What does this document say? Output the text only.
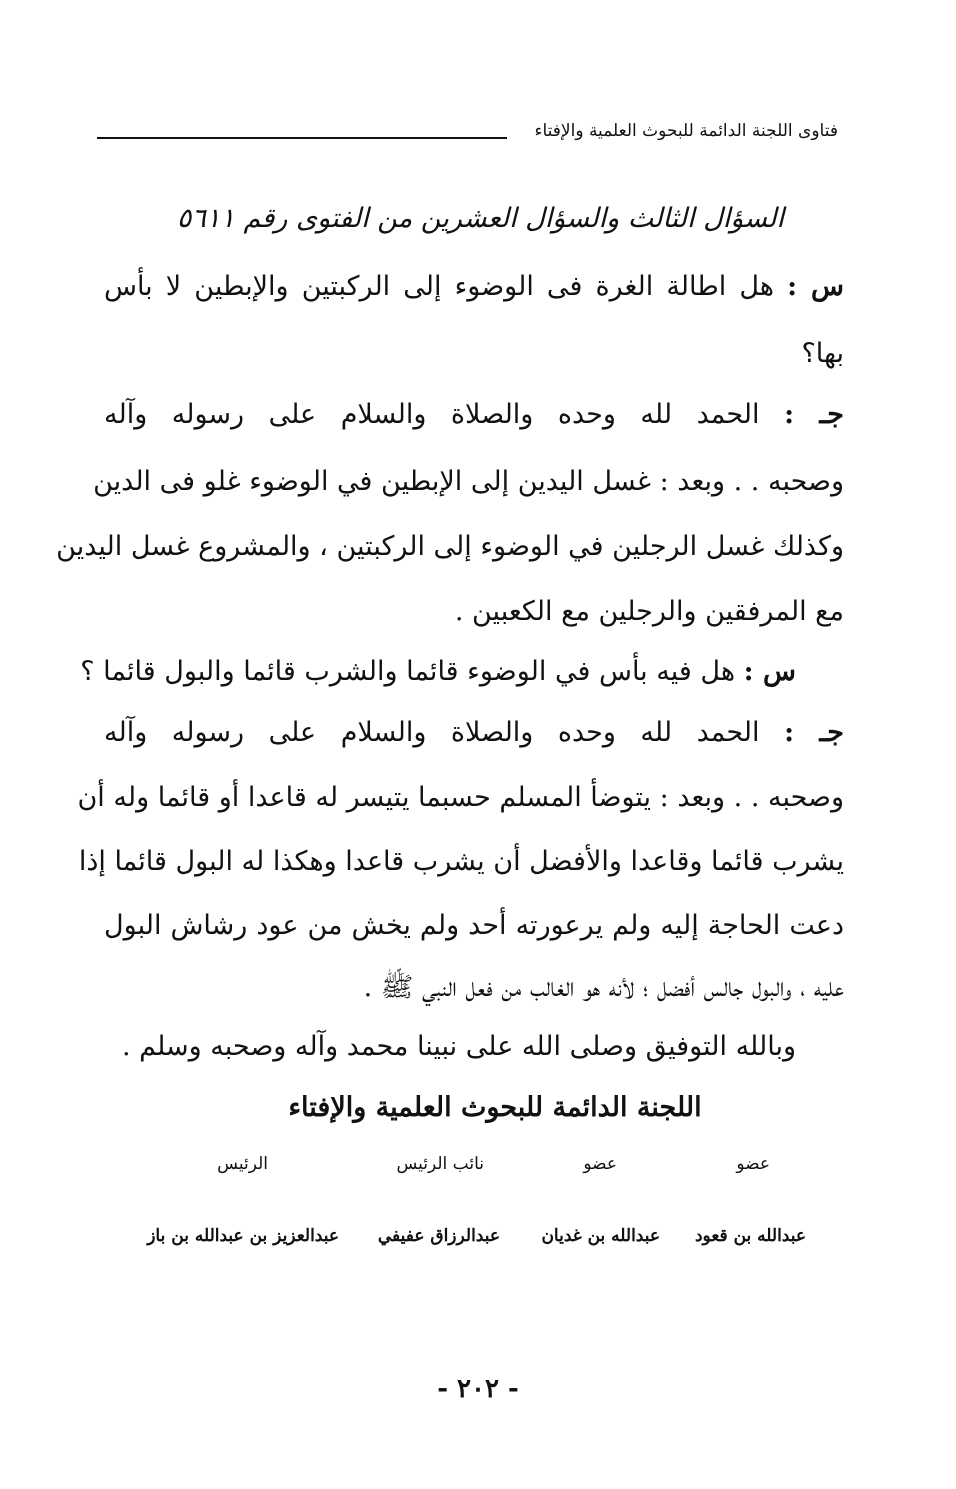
فتاوى اللجنة الدائمة للبحوث العلمية والإفتاء
السؤال الثالث والسؤال العشرين من الفتوى رقم ٥٦١١
س : هل اطالة الغرة فى الوضوء إلى الركبتين والإبطين لا بأس
بها؟
جـ : الحمد لله وحده والصلاة والسلام على رسوله وآله
وصحبه . . وبعد : غسل اليدين إلى الإبطين في الوضوء غلو فى الدين
وكذلك غسل الرجلين في الوضوء إلى الركبتين ، والمشروع غسل اليدين
مع المرفقين والرجلين مع الكعبين .
س : هل فيه بأس في الوضوء قائما والشرب قائما والبول قائما ؟
جـ : الحمد لله وحده والصلاة والسلام على رسوله وآله
وصحبه . . وبعد : يتوضأ المسلم حسبما يتيسر له قاعدا أو قائما وله أن
يشرب قائما وقاعدا والأفضل أن يشرب قاعدا وهكذا له البول قائما إذا
دعت الحاجة إليه ولم يرعورته أحد ولم يخش من عود رشاش البول
عليه ، والبول جالس أفضل ؛ لأنه هو الغالب من فعل النبي ﷺ .
وبالله التوفيق وصلى الله على نبينا محمد وآله وصحبه وسلم .
اللجنة الدائمة للبحوث العلمية والإفتاء
عضو
عضو
نائب الرئيس
الرئيس
عبدالله بن قعود
عبدالله بن غديان
عبدالرزاق عفيفي
عبدالعزيز بن عبدالله بن باز
- ٢٠٢ -
